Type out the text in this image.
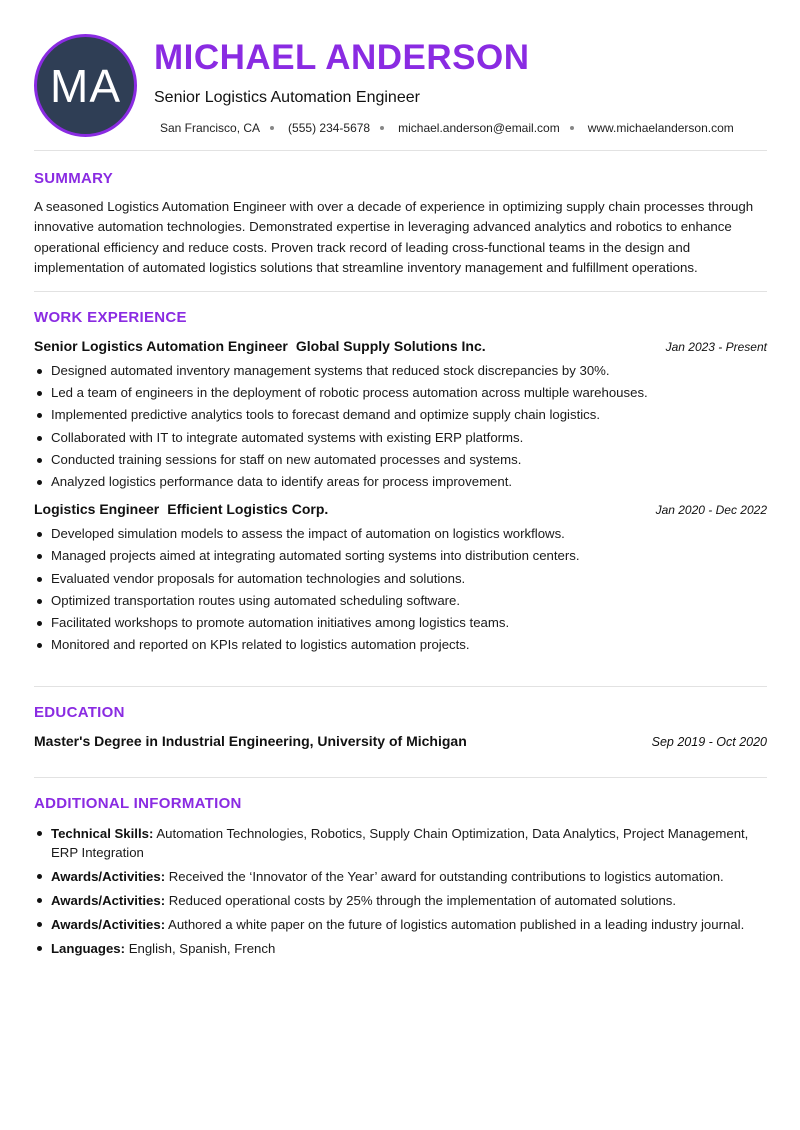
MA
MICHAEL ANDERSON
Senior Logistics Automation Engineer
San Francisco, CA (555) 234-5678 michael.anderson@email.com www.michaelanderson.com
SUMMARY

A seasoned Logistics Automation Engineer with over a decade of experience in optimizing supply chain processes through innovative automation technologies. Demonstrated expertise in leveraging advanced analytics and robotics to enhance operational efficiency and reduce costs. Proven track record of leading cross-functional teams in the design and implementation of automated logistics solutions that streamline inventory management and fulfillment operations.

WORK EXPERIENCE
Senior Logistics Automation Engineer Global Supply Solutions Inc.	Jan 2023 - Present
Designed automated inventory management systems that reduced stock discrepancies by 30%.
Led a team of engineers in the deployment of robotic process automation across multiple warehouses.
Implemented predictive analytics tools to forecast demand and optimize supply chain logistics.
Collaborated with IT to integrate automated systems with existing ERP platforms.
Conducted training sessions for staff on new automated processes and systems.
Analyzed logistics performance data to identify areas for process improvement.
Logistics Engineer Efficient Logistics Corp.	Jan 2020 - Dec 2022
Developed simulation models to assess the impact of automation on logistics workflows.
Managed projects aimed at integrating automated sorting systems into distribution centers.
Evaluated vendor proposals for automation technologies and solutions.
Optimized transportation routes using automated scheduling software.
Facilitated workshops to promote automation initiatives among logistics teams.
Monitored and reported on KPIs related to logistics automation projects.
EDUCATION
Master's Degree in Industrial Engineering, University of Michigan	Sep 2019 - Oct 2020
ADDITIONAL INFORMATION
Technical Skills: Automation Technologies, Robotics, Supply Chain Optimization, Data Analytics, Project Management, ERP Integration
Awards/Activities: Received the ‘Innovator of the Year’ award for outstanding contributions to logistics automation.
Awards/Activities: Reduced operational costs by 25% through the implementation of automated solutions.
Awards/Activities: Authored a white paper on the future of logistics automation published in a leading industry journal.
Languages: English, Spanish, French
